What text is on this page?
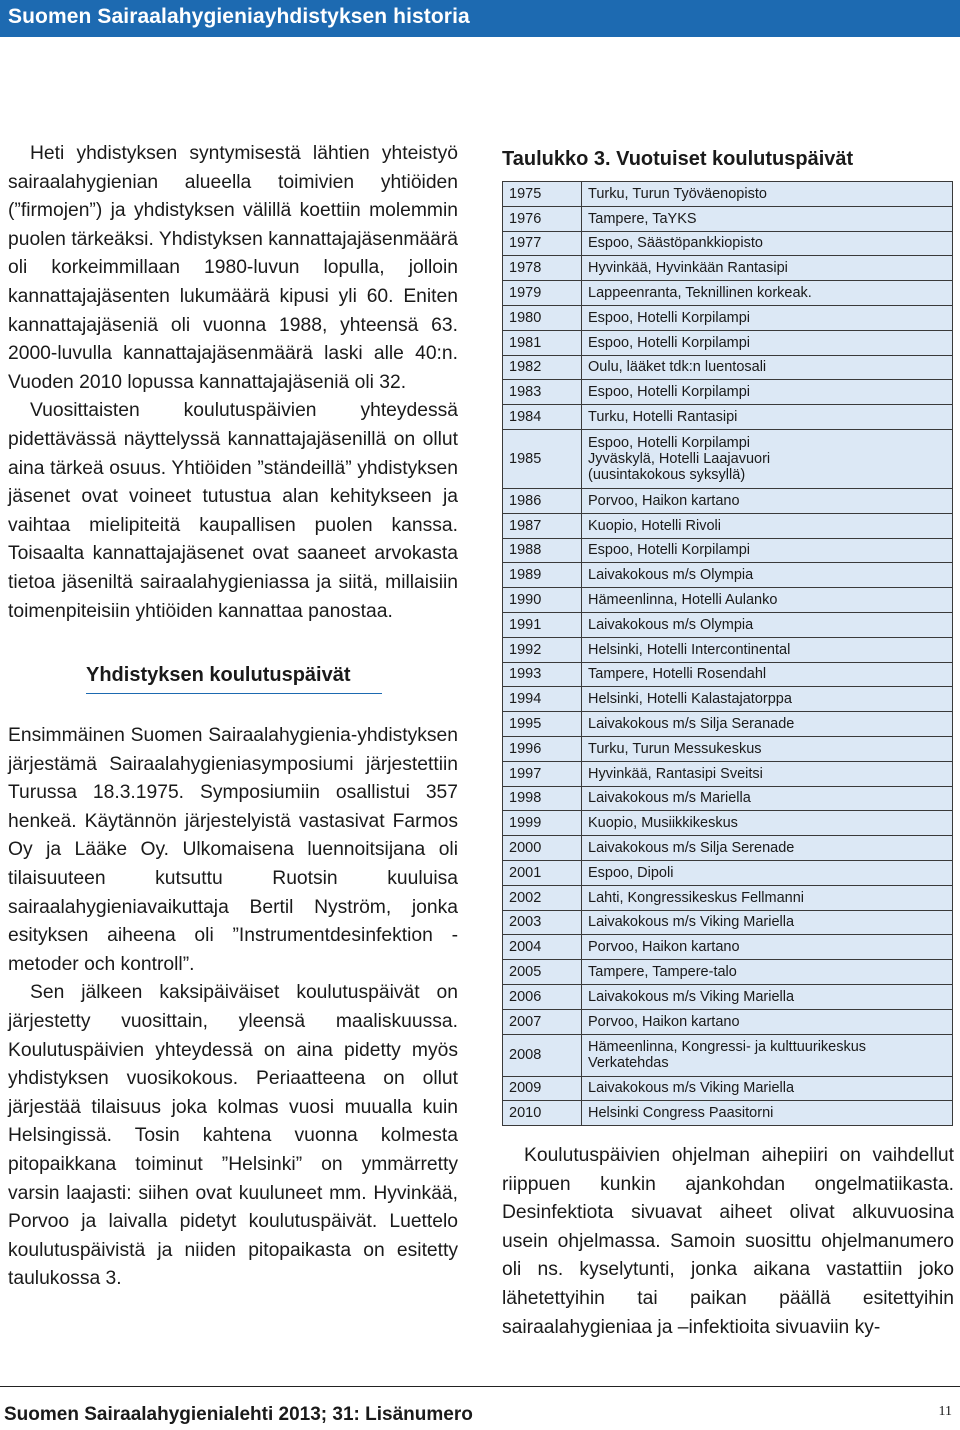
Suomen Sairaalahygieniayhdistyksen historia

Heti yhdistyksen syntymisestä lähtien yhteistyö sairaalahygienian alueella toimivien yhtiöiden (”firmojen”) ja yhdistyksen välillä koettiin molemmin puolen tärkeäksi. Yhdistyksen kannattajajäsenmäärä oli korkeimmillaan 1980-luvun lopulla, jolloin kannattajajäsenten lukumäärä kipusi yli 60. Eniten kannattajajäseniä oli vuonna 1988, yhteensä 63. 2000-luvulla kannattajajäsenmäärä laski alle 40:n. Vuoden 2010 lopussa kannattajajäseniä oli 32.

Vuosittaisten koulutuspäivien yhteydessä pidettävässä näyttelyssä kannattajajäsenillä on ollut aina tärkeä osuus. Yhtiöiden ”ständeillä” yhdistyksen jäsenet ovat voineet tutustua alan kehitykseen ja vaihtaa mielipiteitä kaupallisen puolen kanssa. Toisaalta kannattajajäsenet ovat saaneet arvokasta tietoa jäseniltä sairaalahygieniassa ja siitä, millaisiin toimenpiteisiin yhtiöiden kannattaa panostaa.

Yhdistyksen koulutuspäivät

Ensimmäinen Suomen Sairaalahygienia-yhdistyksen järjestämä Sairaalahygieniasymposiumi järjestettiin Turussa 18.3.1975. Symposiumiin osallistui 357 henkeä. Käytännön järjestelyistä vastasivat Farmos Oy ja Lääke Oy. Ulkomaisena luennoitsijana oli tilaisuuteen kutsuttu Ruotsin kuuluisa sairaalahygieniavaikuttaja Bertil Nyström, jonka esityksen aiheena oli ”Instrumentdesinfektion - metoder och kontroll”.

Sen jälkeen kaksipäiväiset koulutuspäivät on järjestetty vuosittain, yleensä maaliskuussa. Koulutuspäivien yhteydessä on aina pidetty myös yhdistyksen vuosikokous. Periaatteena on ollut järjestää tilaisuus joka kolmas vuosi muualla kuin Helsingissä. Tosin kahtena vuonna kolmesta pitopaikkana toiminut ”Helsinki” on ymmärretty varsin laajasti: siihen ovat kuuluneet mm. Hyvinkää, Porvoo ja laivalla pidetyt koulutuspäivät. Luettelo koulutuspäivistä ja niiden pitopaikasta on esitetty taulukossa 3.

Taulukko 3. Vuotuiset koulutuspäivät
1975	Turku, Turun Työväenopisto

1976	Tampere, TaYKS

1977	Espoo, Säästöpankkiopisto

1978	Hyvinkää, Hyvinkään Rantasipi

1979	Lappeenranta, Teknillinen korkeak.

1980	Espoo, Hotelli Korpilampi

1981	Espoo, Hotelli Korpilampi

1982	Oulu, lääket tdk:n luentosali

1983	Espoo, Hotelli Korpilampi

1984	Turku, Hotelli Rantasipi

1985	Espoo, Hotelli Korpilampi
Jyväskylä, Hotelli Laajavuori
(uusintakokous syksyllä)

1986	Porvoo, Haikon kartano

1987	Kuopio, Hotelli Rivoli

1988	Espoo, Hotelli Korpilampi

1989	Laivakokous m/s Olympia

1990	Hämeenlinna, Hotelli Aulanko

1991	Laivakokous m/s Olympia

1992	Helsinki, Hotelli Intercontinental

1993	Tampere, Hotelli Rosendahl

1994	Helsinki, Hotelli Kalastajatorppa

1995	Laivakokous m/s Silja Seranade

1996	Turku, Turun Messukeskus

1997	Hyvinkää, Rantasipi Sveitsi

1998	Laivakokous m/s Mariella

1999	Kuopio, Musiikkikeskus

2000	Laivakokous m/s Silja Serenade

2001	Espoo, Dipoli

2002	Lahti, Kongressikeskus Fellmanni

2003	Laivakokous m/s Viking Mariella

2004	Porvoo, Haikon kartano

2005	Tampere, Tampere-talo

2006	Laivakokous m/s Viking Mariella

2007	Porvoo, Haikon kartano

2008	Hämeenlinna, Kongressi- ja kulttuurikeskus
Verkatehdas

2009	Laivakokous m/s Viking Mariella

2010	Helsinki Congress Paasitorni

Koulutuspäivien ohjelman aihepiiri on vaihdellut riippuen kunkin ajankohdan ongelmatiikasta. Desinfektiota sivuavat aiheet olivat alkuvuosina usein ohjelmassa. Samoin suosittu ohjelmanumero oli ns. kyselytunti, jonka aikana vastattiin joko lähetettyihin tai paikan päällä esitettyihin sairaalahygieniaa ja –infektioita sivuaviin ky-

Suomen Sairaalahygienialehti 2013; 31: Lisänumero	11
